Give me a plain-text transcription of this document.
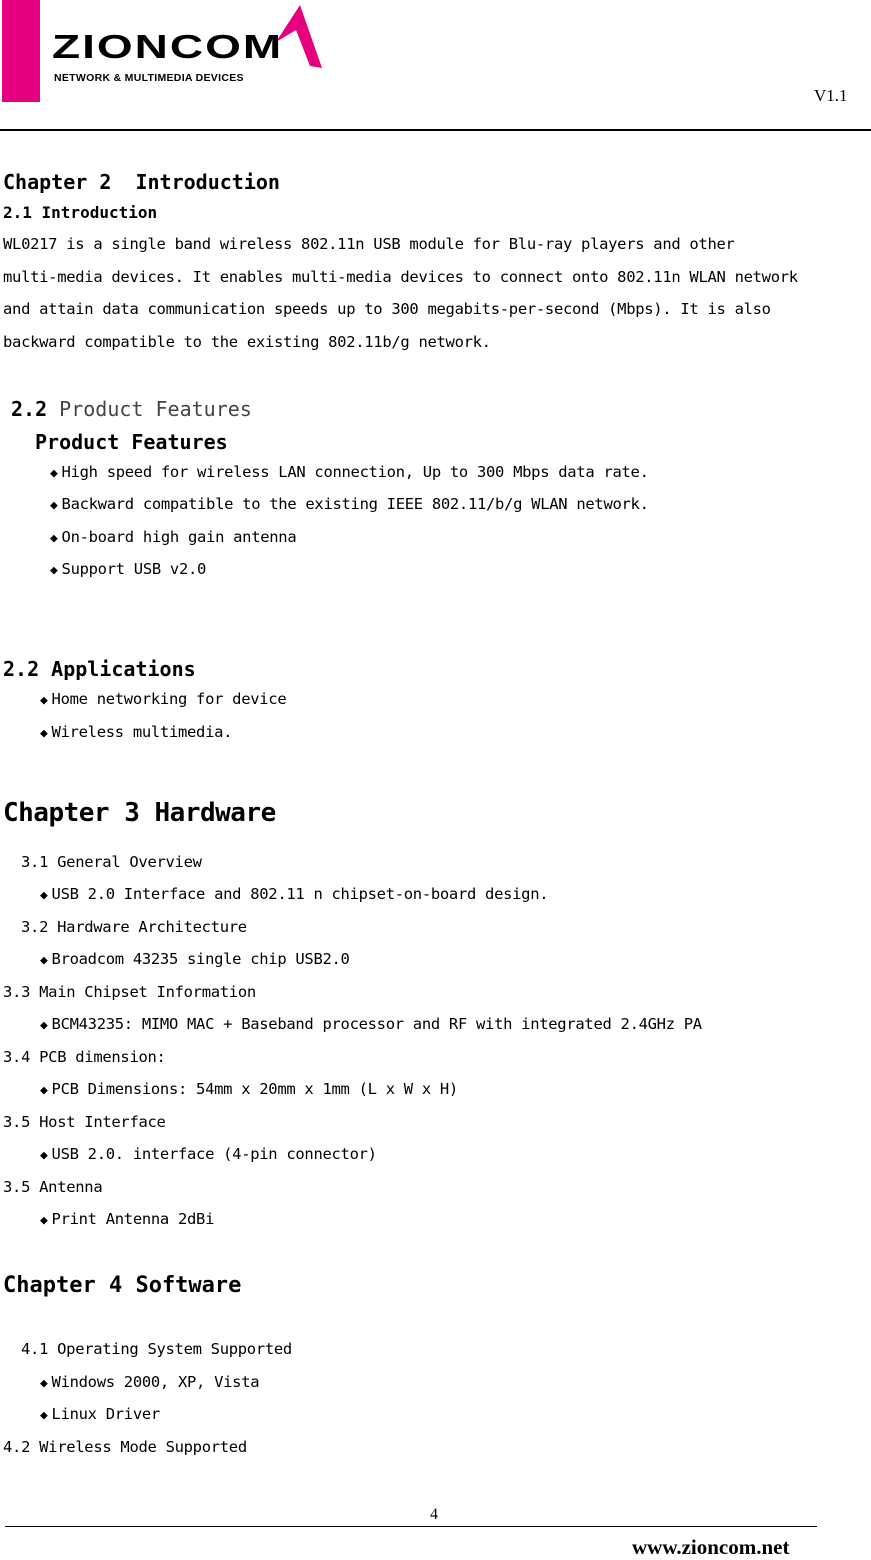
ZIONCOM
NETWORK & MULTIMEDIA DEVICES
V1.1
Chapter 2  Introduction
2.1 Introduction
WL0217 is a single band wireless 802.11n USB module for Blu-ray players and other
multi-media devices. It enables multi-media devices to connect onto 802.11n WLAN network
and attain data communication speeds up to 300 megabits-per-second (Mbps). It is also
backward compatible to the existing 802.11b/g network.
2.2 Product Features
Product Features
◆ High speed for wireless LAN connection, Up to 300 Mbps data rate.
◆ Backward compatible to the existing IEEE 802.11/b/g WLAN network.
◆ On-board high gain antenna
◆ Support USB v2.0
2.2 Applications
◆ Home networking for device
◆ Wireless multimedia.
Chapter 3 Hardware
3.1 General Overview
◆ USB 2.0 Interface and 802.11 n chipset-on-board design.
3.2 Hardware Architecture
◆ Broadcom 43235 single chip USB2.0
3.3 Main Chipset Information
◆ BCM43235: MIMO MAC + Baseband processor and RF with integrated 2.4GHz PA
3.4 PCB dimension:
◆ PCB Dimensions: 54mm x 20mm x 1mm (L x W x H)
3.5 Host Interface
◆ USB 2.0. interface (4-pin connector)
3.5 Antenna
◆ Print Antenna 2dBi
Chapter 4 Software
4.1 Operating System Supported
◆ Windows 2000, XP, Vista
◆ Linux Driver
4.2 Wireless Mode Supported
4
www.zioncom.net
